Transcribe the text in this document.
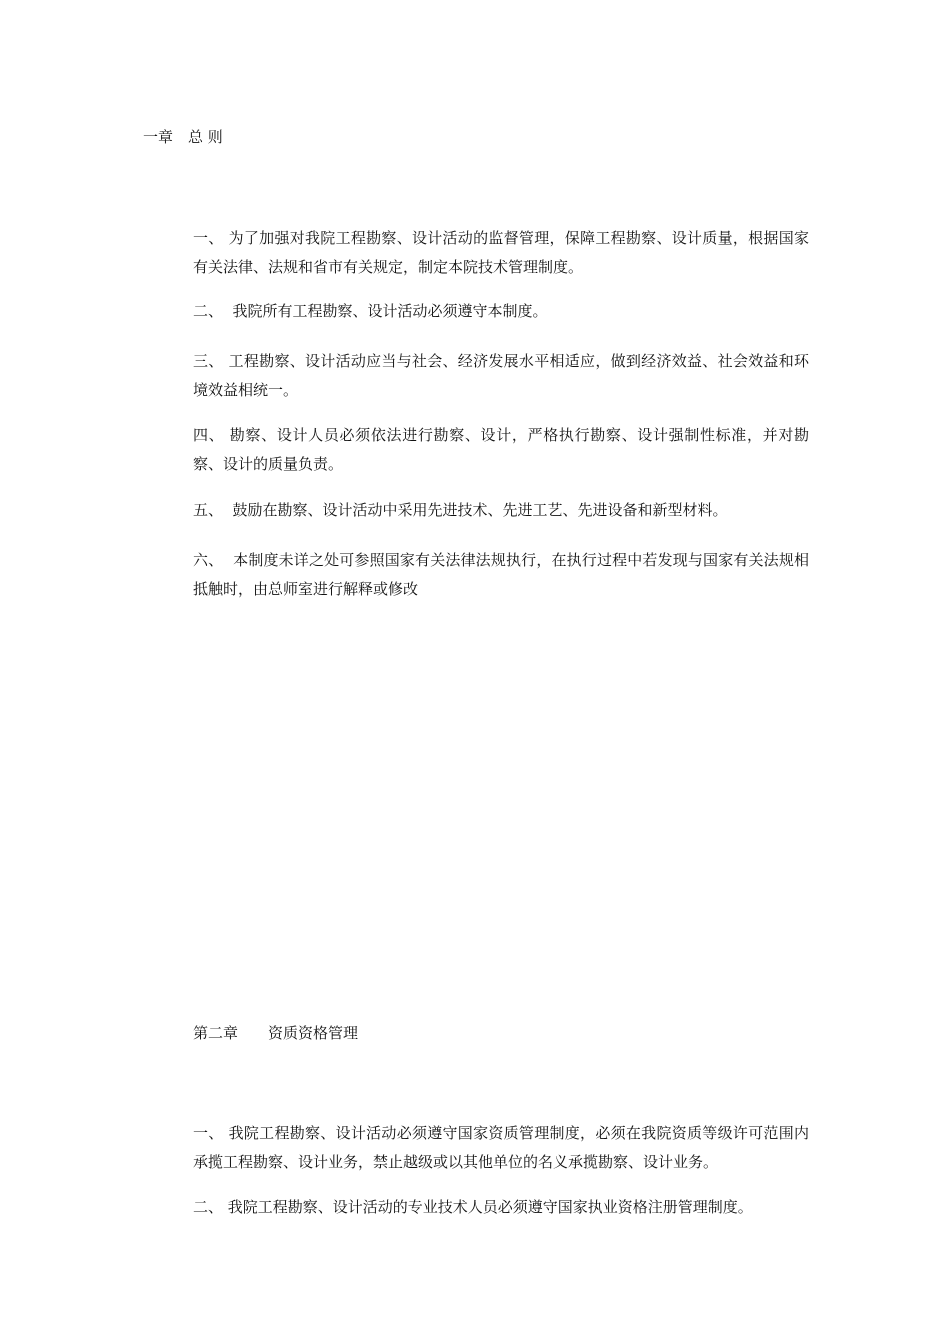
一章　总 则
一、 为了加强对我院工程勘察、设计活动的监督管理，保障工程勘察、设计质量，根据国家有关法律、法规和省市有关规定，制定本院技术管理制度。
二、  我院所有工程勘察、设计活动必须遵守本制度。
三、 工程勘察、设计活动应当与社会、经济发展水平相适应，做到经济效益、社会效益和环境效益相统一。
四、 勘察、设计人员必须依法进行勘察、设计，严格执行勘察、设计强制性标准，并对勘察、设计的质量负责。
五、  鼓励在勘察、设计活动中采用先进技术、先进工艺、先进设备和新型材料。
六、  本制度未详之处可参照国家有关法律法规执行，在执行过程中若发现与国家有关法规相抵触时，由总师室进行解释或修改
第二章　　资质资格管理
一、 我院工程勘察、设计活动必须遵守国家资质管理制度，必须在我院资质等级许可范围内承揽工程勘察、设计业务，禁止越级或以其他单位的名义承揽勘察、设计业务。
二、 我院工程勘察、设计活动的专业技术人员必须遵守国家执业资格注册管理制度。
